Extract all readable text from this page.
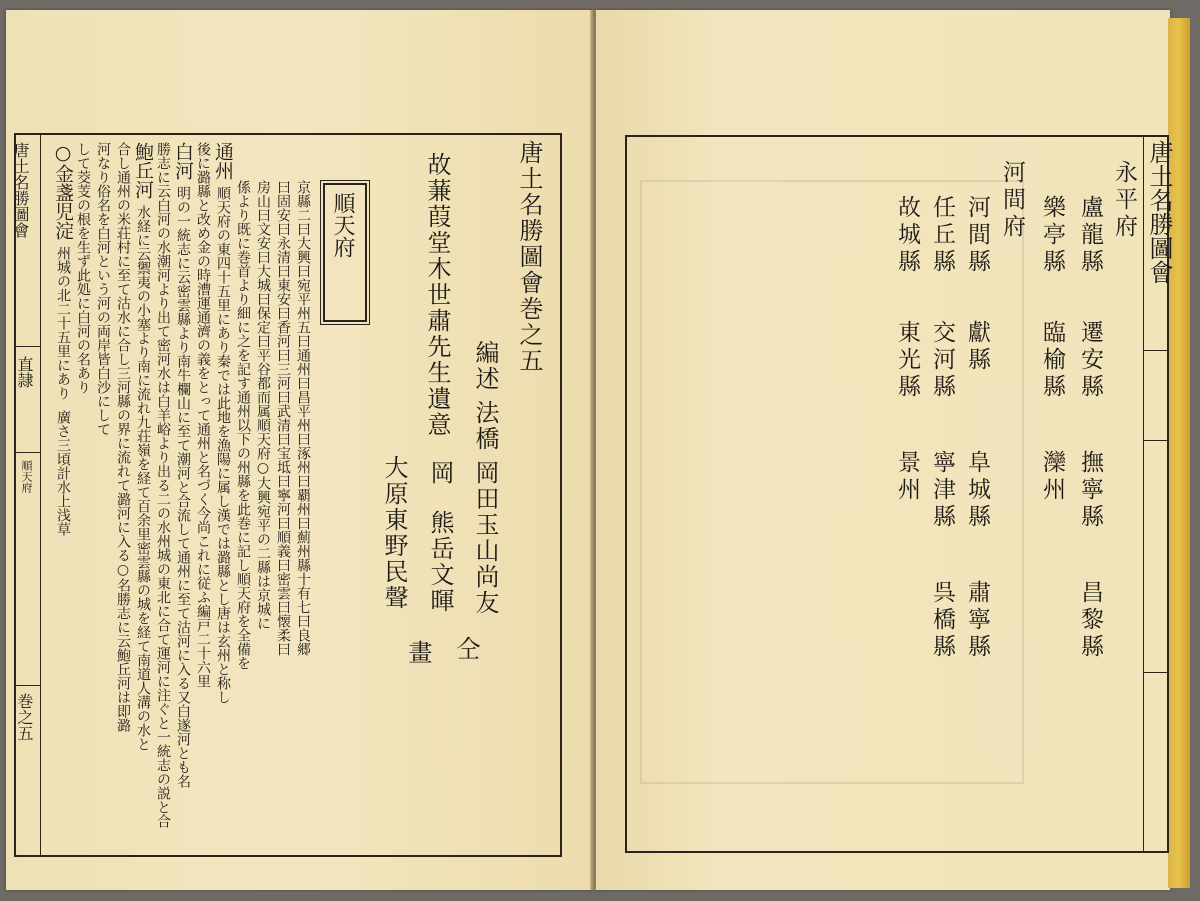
唐土名勝圖會
直隷
順天府
巻之五
唐土名勝圖會巻之五
故蒹葭堂木世肅先生遺意 編述
法橋
岡田玉山尚友
岡
熊岳文暉
仝
大原東野民聲
畫
順天府
京縣二曰大興曰宛平州五曰通州曰昌平州曰涿州曰覇州曰薊州縣十有七曰良郷
曰固安曰永清曰東安曰香河曰三河曰武清曰宝坻曰寧河曰順義曰密雲曰懐柔曰
房山曰文安曰大城曰保定曰平谷都而属順天府○大興宛平の二縣は京城に
係より既に巻首より細に之を記す通州以下の州縣を此巻に記し順天府を全備を
通州順天府の東四十五里にあり秦では此地を漁陽に属し漢では潞縣とし唐は玄州と称し
後に潞縣と改め金の時漕運通濟の義をとって通州と名づく今尚これに従ふ編戸二十六里
白河明の一統志に云密雲縣より南牛欄山に至て潮河と合流して通州に至て沽河に入る又白遂河とも名
勝志に云白河の水潮河より出て密河水は白羊峪より出る二の水州城の東北に合て運河に注ぐと一統志の説と合
鮑丘河水経に云禦夷の小塞より南に流れ九荘嶺を経て百余里密雲縣の城を経て南道人溝の水と
合し通州の米荘村に至て沽水に合し三河縣の界に流れて潞河に入る○名勝志に云鮑丘河は即潞
河なり俗名を白河という河の両岸皆白沙にして
して茭芰の根を生ず此処に白河の名あり
○金盞児淀州城の北二十五里にあり廣さ三頃計水上浅草
唐土名勝圖會
永平府
盧龍縣
遷安縣
撫寧縣
昌黎縣
樂亭縣
臨榆縣
灤州
河間府
河間縣
獻縣
阜城縣
肅寧縣
任丘縣
交河縣
寧津縣
呉橋縣
故城縣
東光縣
景州
